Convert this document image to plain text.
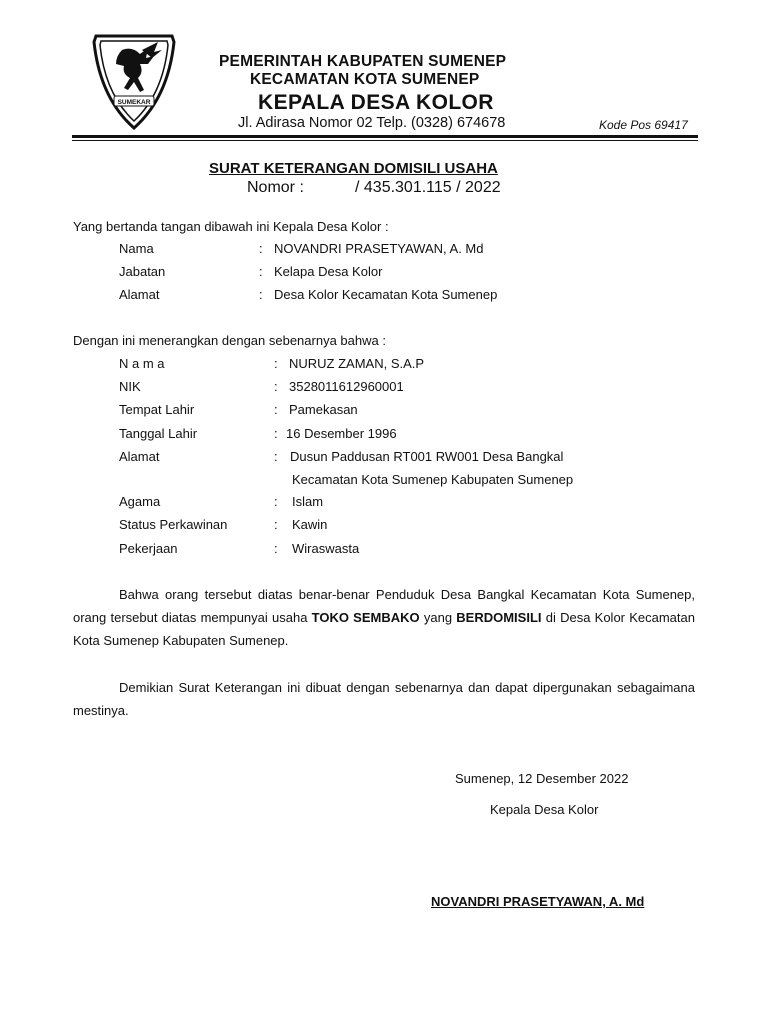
SUMEKAR
PEMERINTAH KABUPATEN SUMENEP
KECAMATAN KOTA SUMENEP
KEPALA DESA KOLOR
Jl. Adirasa Nomor 02 Telp. (0328) 674678	Kode Pos 69417
SURAT KETERANGAN DOMISILI USAHA
Nomor :	/ 435.301.115 / 2022
Yang bertanda tangan dibawah ini Kepala Desa Kolor :
Nama	: NOVANDRI PRASETYAWAN, A. Md
Jabatan	: Kelapa Desa Kolor
Alamat	: Desa Kolor Kecamatan Kota Sumenep
Dengan ini menerangkan dengan sebenarnya bahwa :
N a m a	: NURUZ ZAMAN, S.A.P
NIK	: 3528011612960001
Tempat Lahir	: Pamekasan
Tanggal Lahir	: 16 Desember 1996
Alamat	: Dusun Paddusan RT001 RW001 Desa Bangkal
Kecamatan Kota Sumenep Kabupaten Sumenep
Agama	: Islam
Status Perkawinan	: Kawin
Pekerjaan	: Wiraswasta
Bahwa orang tersebut diatas benar-benar Penduduk Desa Bangkal Kecamatan Kota Sumenep, orang tersebut diatas mempunyai usaha TOKO SEMBAKO yang BERDOMISILI di Desa Kolor Kecamatan Kota Sumenep Kabupaten Sumenep.
Demikian Surat Keterangan ini dibuat dengan sebenarnya dan dapat dipergunakan sebagaimana mestinya.
Sumenep, 12 Desember 2022
Kepala Desa Kolor
NOVANDRI PRASETYAWAN, A. Md
